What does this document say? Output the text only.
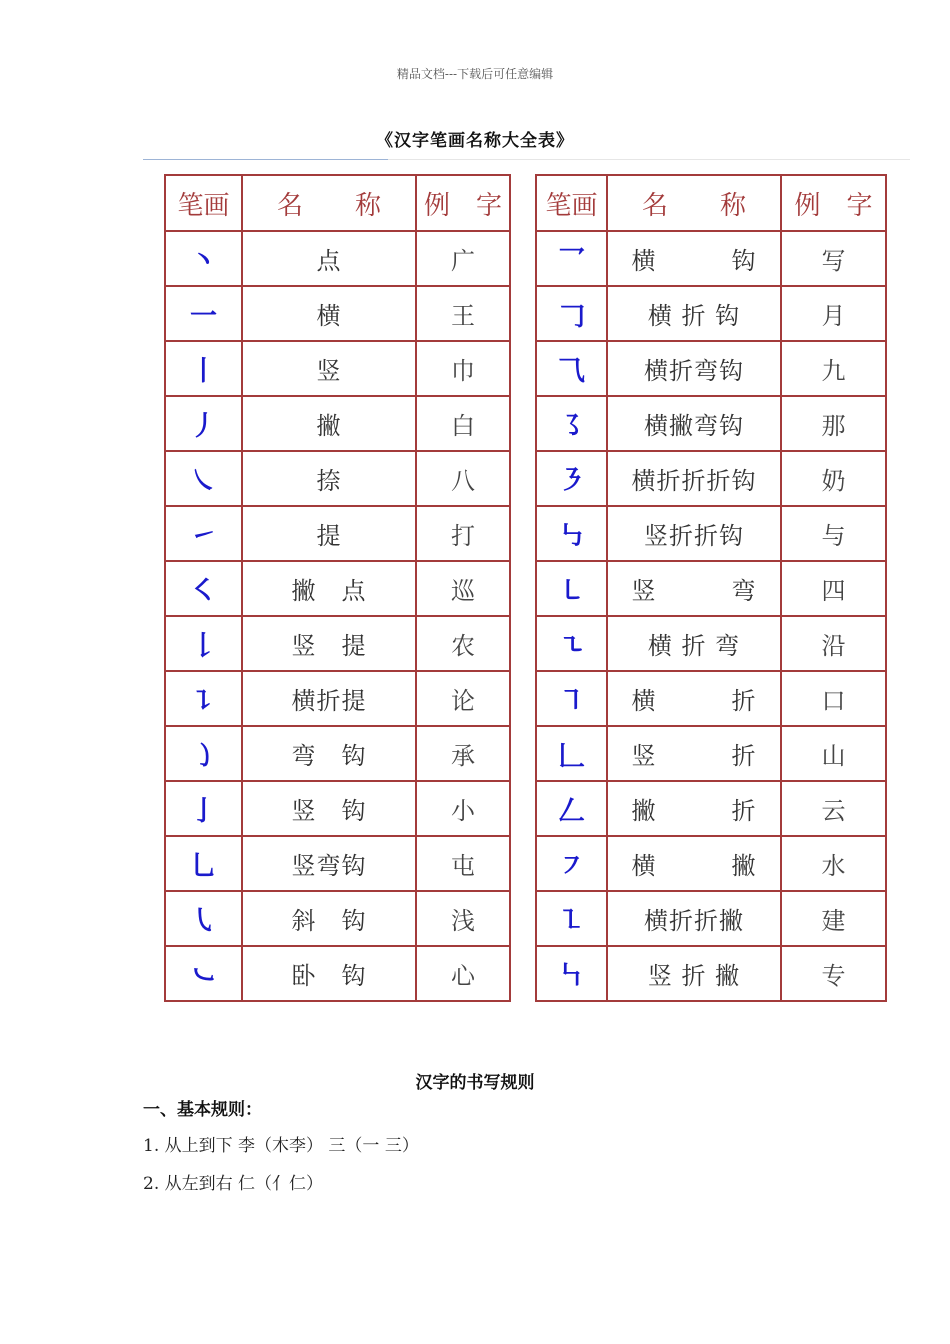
精品文档---下载后可任意编辑
《汉字笔画名称大全表》
笔画	名　　称	例　字		笔画	名　　称	例　字
丶	点	广		乛	横　　　钩	写
一	横	王		𠃌	横 折 钩	月
丨	竖	巾		⺄	横折弯钩	九
丿	撇	白		㇌	横撇弯钩	那
㇏	捺	八		㇋	横折折折钩	奶
㇀	提	打		㇉	竖折折钩	与
㇛	撇　点	巡		㇄	竖　　　弯	四
𠄌	竖　提	农		㇍	横 折 弯	沿
㇊	横折提	论		㇕	横　　　折	口
㇁	弯　钩	承		𠃊	竖　　　折	山
亅	竖　钩	小		𠃋	撇　　　折	云
乚	竖弯钩	屯		㇇	横　　　撇	水
㇂	斜　钩	浅		㇅	横折折撇	建
㇃	卧　钩	心		㇞	竖 折 撇	专
汉字的书写规则
一、基本规则：
1. 从上到下 李（木李） 三（一 三）
2. 从左到右 仁（亻仁）
